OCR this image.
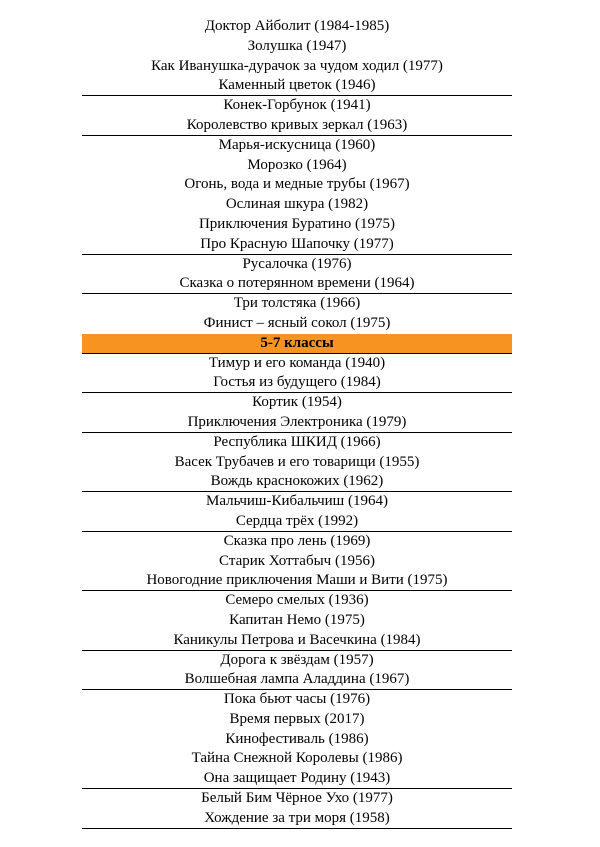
Доктор Айболит (1984-1985)
Золушка (1947)
Как Иванушка-дурачок за чудом ходил (1977)
Каменный цветок (1946)
Конек-Горбунок (1941)
Королевство кривых зеркал (1963)
Марья-искусница (1960)
Морозко (1964)
Огонь, вода и медные трубы (1967)
Ослиная шкура (1982)
Приключения Буратино (1975)
Про Красную Шапочку (1977)
Русалочка (1976)
Сказка о потерянном времени (1964)
Три толстяка (1966)
Финист – ясный сокол (1975)
5-7 классы
Тимур и его команда (1940)
Гостья из будущего (1984)
Кортик (1954)
Приключения Электроника (1979)
Республика ШКИД (1966)
Васек Трубачев и его товарищи (1955)
Вождь краснокожих (1962)
Мальчиш-Кибальчиш (1964)
Сердца трёх (1992)
Сказка про лень (1969)
Старик Хоттабыч (1956)
Новогодние приключения Маши и Вити (1975)
Семеро смелых (1936)
Капитан Немо (1975)
Каникулы Петрова и Васечкина (1984)
Дорога к звёздам (1957)
Волшебная лампа Аладдина (1967)
Пока бьют часы (1976)
Время первых (2017)
Кинофестиваль (1986)
Тайна Снежной Королевы (1986)
Она защищает Родину (1943)
Белый Бим Чёрное Ухо (1977)
Хождение за три моря (1958)
